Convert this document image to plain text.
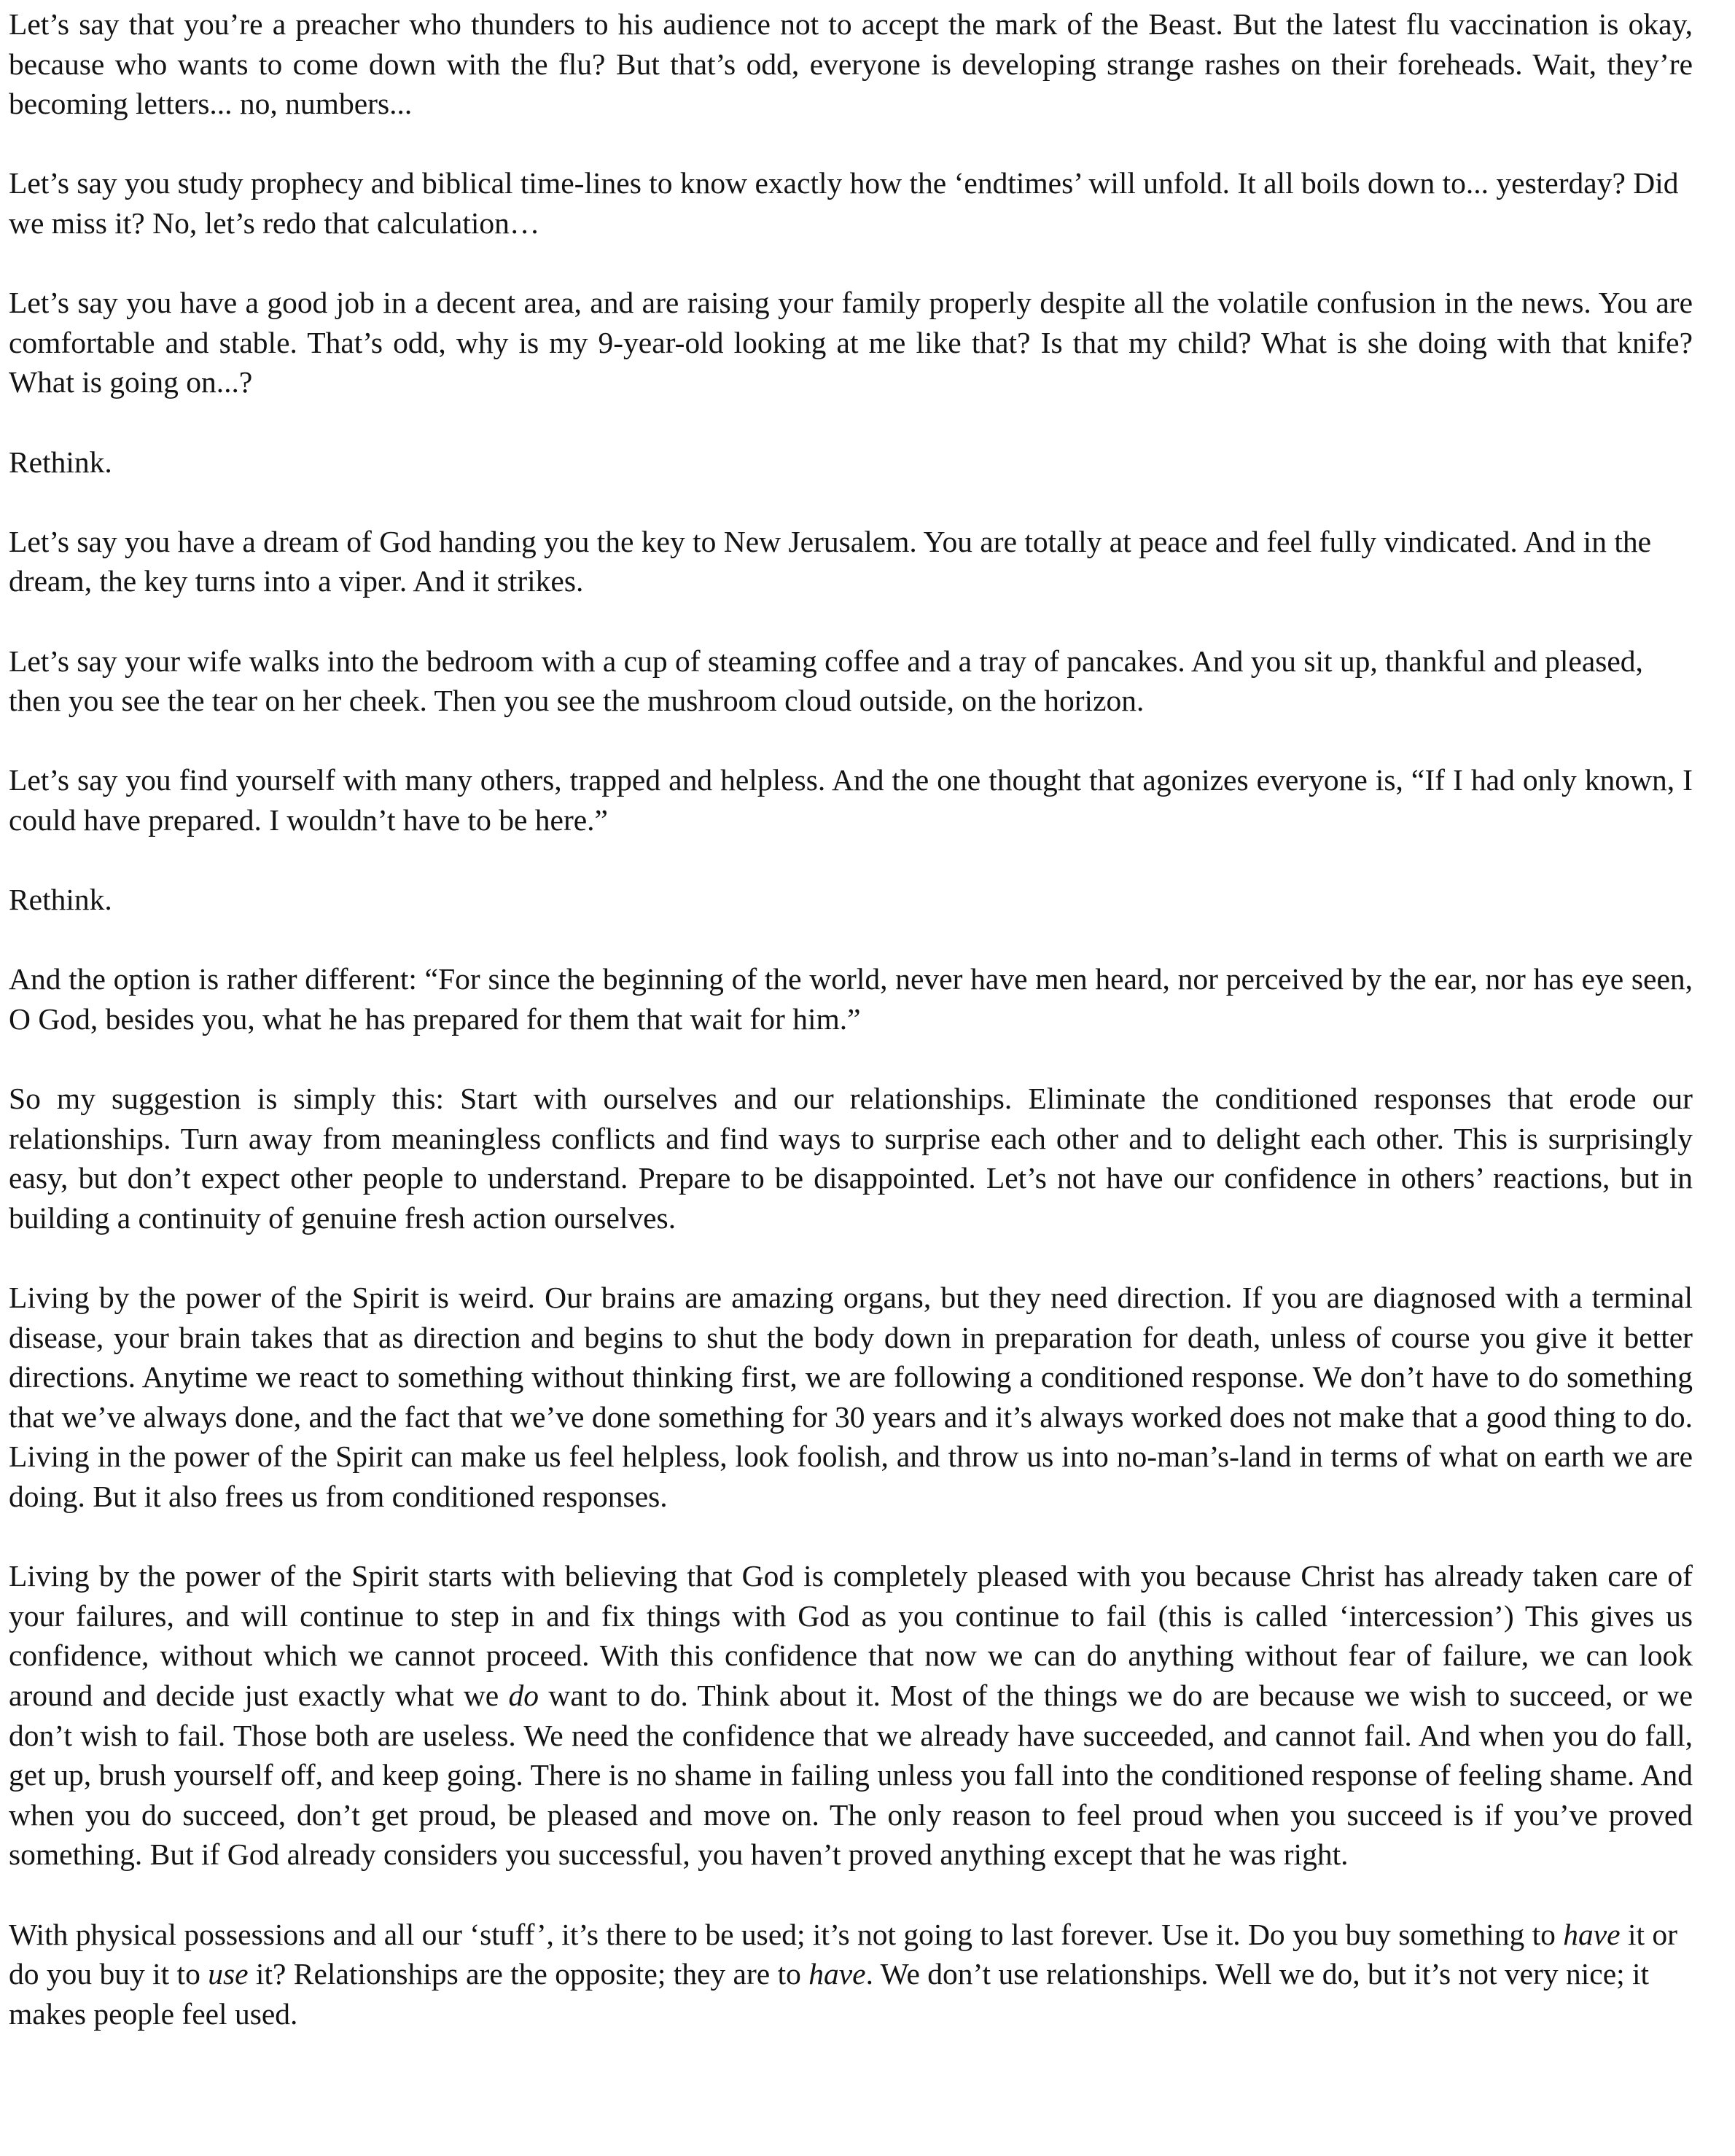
Let’s say that you’re a preacher who thunders to his audience not to accept the mark of the Beast. But the latest flu vaccination is okay, because who wants to come down with the flu? But that’s odd, everyone is developing strange rashes on their foreheads. Wait, they’re becoming letters... no, numbers...

Let’s say you study prophecy and biblical time-lines to know exactly how the ‘endtimes’ will unfold. It all boils down to... yesterday? Did we miss it? No, let’s redo that calculation…

Let’s say you have a good job in a decent area, and are raising your family properly despite all the volatile confusion in the news. You are comfortable and stable. That’s odd, why is my 9-year-old looking at me like that? Is that my child? What is she doing with that knife? What is going on...?

Rethink.

Let’s say you have a dream of God handing you the key to New Jerusalem. You are totally at peace and feel fully vindicated. And in the dream, the key turns into a viper. And it strikes.

Let’s say your wife walks into the bedroom with a cup of steaming coffee and a tray of pancakes. And you sit up, thankful and pleased, then you see the tear on her cheek. Then you see the mushroom cloud outside, on the horizon.

Let’s say you find yourself with many others, trapped and helpless. And the one thought that agonizes everyone is, “If I had only known, I could have prepared. I wouldn’t have to be here.”

Rethink.

And the option is rather different: “For since the beginning of the world, never have men heard, nor perceived by the ear, nor has eye seen, O God, besides you, what he has prepared for them that wait for him.”

So my suggestion is simply this: Start with ourselves and our relationships. Eliminate the conditioned responses that erode our relationships. Turn away from meaningless conflicts and find ways to surprise each other and to delight each other. This is surprisingly easy, but don’t expect other people to understand. Prepare to be disappointed. Let’s not have our confidence in others’ reactions, but in building a continuity of genuine fresh action ourselves.

Living by the power of the Spirit is weird. Our brains are amazing organs, but they need direction. If you are diagnosed with a terminal disease, your brain takes that as direction and begins to shut the body down in preparation for death, unless of course you give it better directions. Anytime we react to something without thinking first, we are following a conditioned response. We don’t have to do something that we’ve always done, and the fact that we’ve done something for 30 years and it’s always worked does not make that a good thing to do. Living in the power of the Spirit can make us feel helpless, look foolish, and throw us into no-man’s-land in terms of what on earth we are doing. But it also frees us from conditioned responses.

Living by the power of the Spirit starts with believing that God is completely pleased with you because Christ has already taken care of your failures, and will continue to step in and fix things with God as you continue to fail (this is called ‘intercession’) This gives us confidence, without which we cannot proceed. With this confidence that now we can do anything without fear of failure, we can look around and decide just exactly what we do want to do. Think about it. Most of the things we do are because we wish to succeed, or we don’t wish to fail. Those both are useless. We need the confidence that we already have succeeded, and cannot fail. And when you do fall, get up, brush yourself off, and keep going. There is no shame in failing unless you fall into the conditioned response of feeling shame. And when you do succeed, don’t get proud, be pleased and move on. The only reason to feel proud when you succeed is if you’ve proved something. But if God already considers you successful, you haven’t proved anything except that he was right.

With physical possessions and all our ‘stuff’, it’s there to be used; it’s not going to last forever. Use it. Do you buy something to have it or do you buy it to use it? Relationships are the opposite; they are to have. We don’t use relationships. Well we do, but it’s not very nice; it makes people feel used.
